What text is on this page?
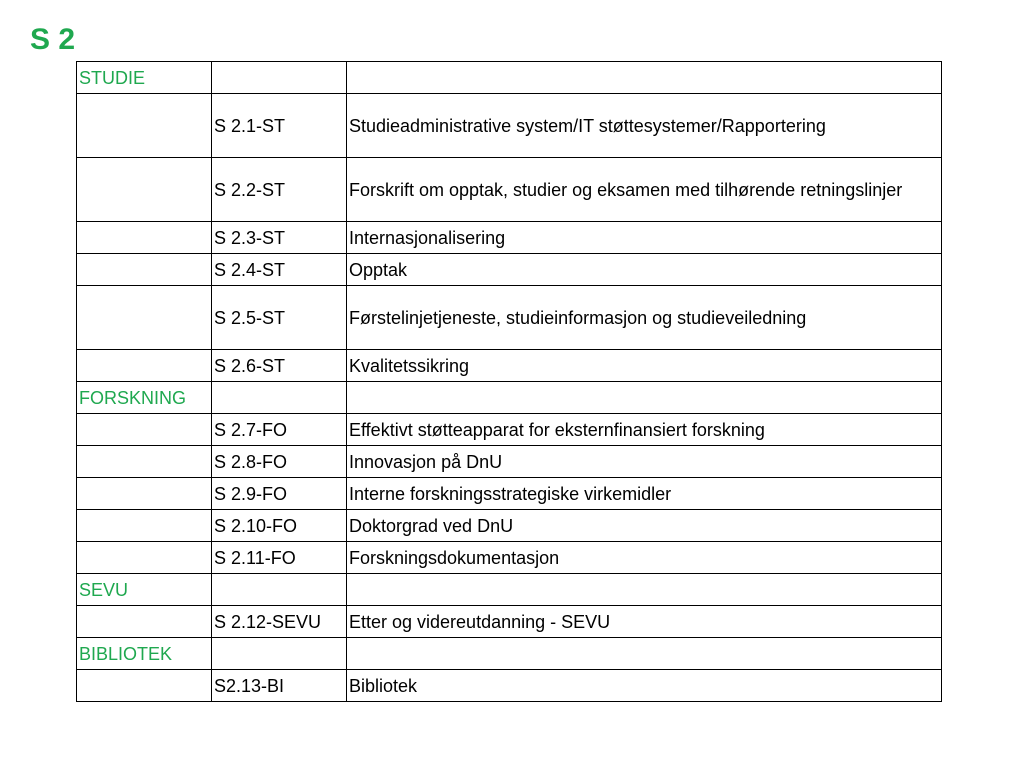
S 2
STUDIE		
	S 2.1-ST	Studieadministrative system/IT støttesystemer/Rapportering
	S 2.2-ST	Forskrift om opptak, studier og eksamen med tilhørende retningslinjer
	S 2.3-ST	Internasjonalisering
	S 2.4-ST	Opptak
	S 2.5-ST	Førstelinjetjeneste, studieinformasjon og studieveiledning
	S 2.6-ST	Kvalitetssikring
FORSKNING		
	S 2.7-FO	Effektivt støtteapparat for eksternfinansiert forskning
	S 2.8-FO	Innovasjon på DnU
	S 2.9-FO	Interne forskningsstrategiske virkemidler
	S 2.10-FO	Doktorgrad ved DnU
	S 2.11-FO	Forskningsdokumentasjon
SEVU		
	S 2.12-SEVU	Etter og videreutdanning - SEVU
BIBLIOTEK		
	S2.13-BI	Bibliotek
